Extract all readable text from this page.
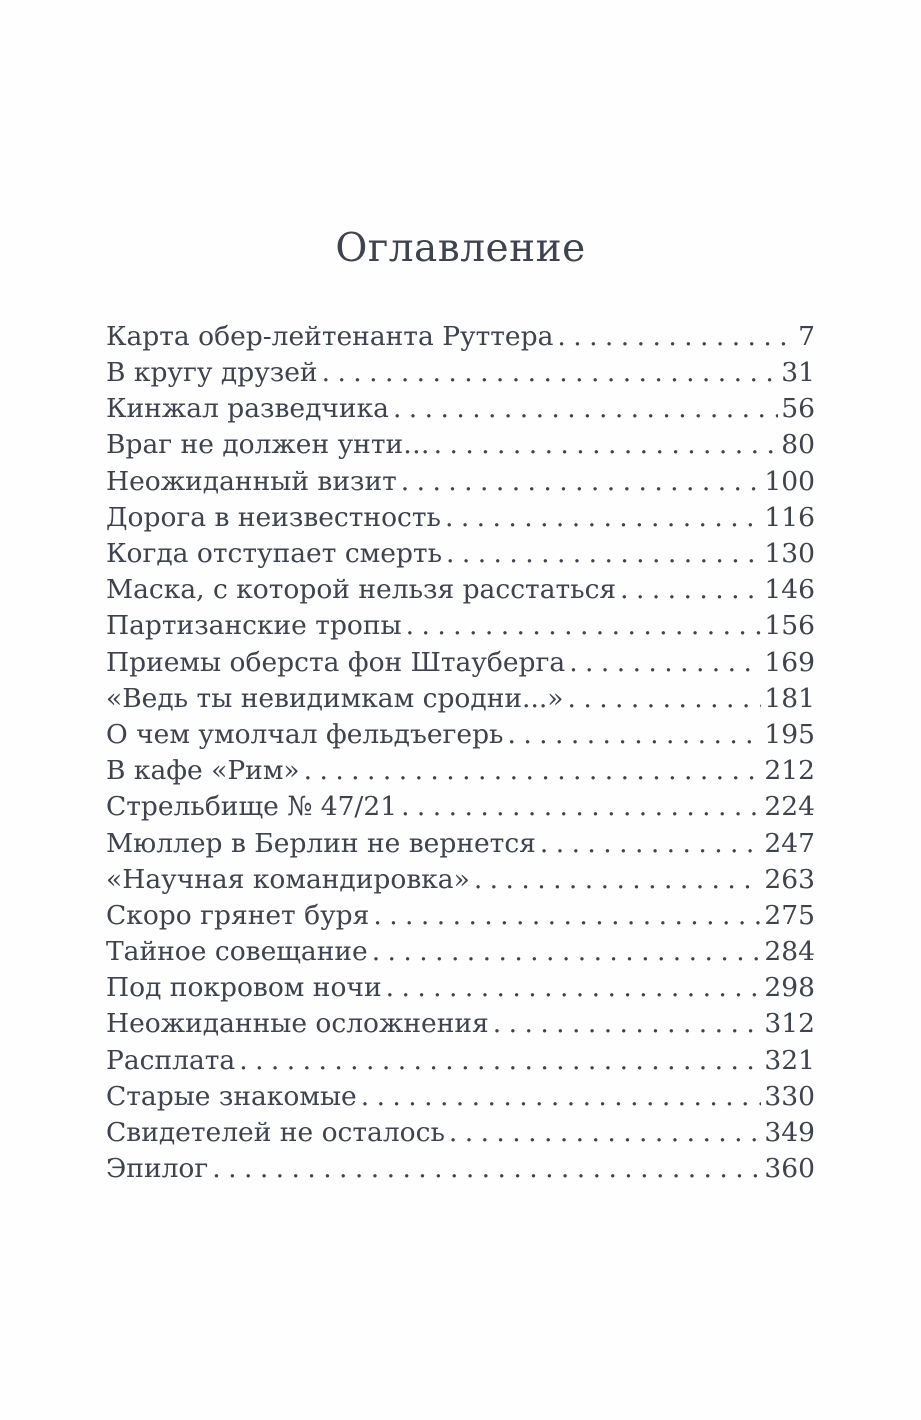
Оглавление
Карта обер-лейтенанта Руттера . . .	7
В кругу друзей . . .	31
Кинжал разведчика . . .	56
Враг не должен унти… . . .	80
Неожиданный визит . . .	100
Дорога в неизвестность . . .	116
Когда отступает смерть . . .	130
Маска, с которой нельзя расстаться . . .	146
Партизанские тропы . . .	156
Приемы оберста фон Штауберга . . .	169
«Ведь ты невидимкам сродни...» . . .	181
О чем умолчал фельдъегерь . . .	195
В кафе «Рим» . . .	212
Стрельбище № 47/21 . . .	224
Мюллер в Берлин не вернется . . .	247
«Научная командировка» . . .	263
Скоро грянет буря . . .	275
Тайное совещание . . .	284
Под покровом ночи . . .	298
Неожиданные осложнения . . .	312
Расплата . . .	321
Старые знакомые . . .	330
Свидетелей не осталось . . .	349
Эпилог . . .	360
